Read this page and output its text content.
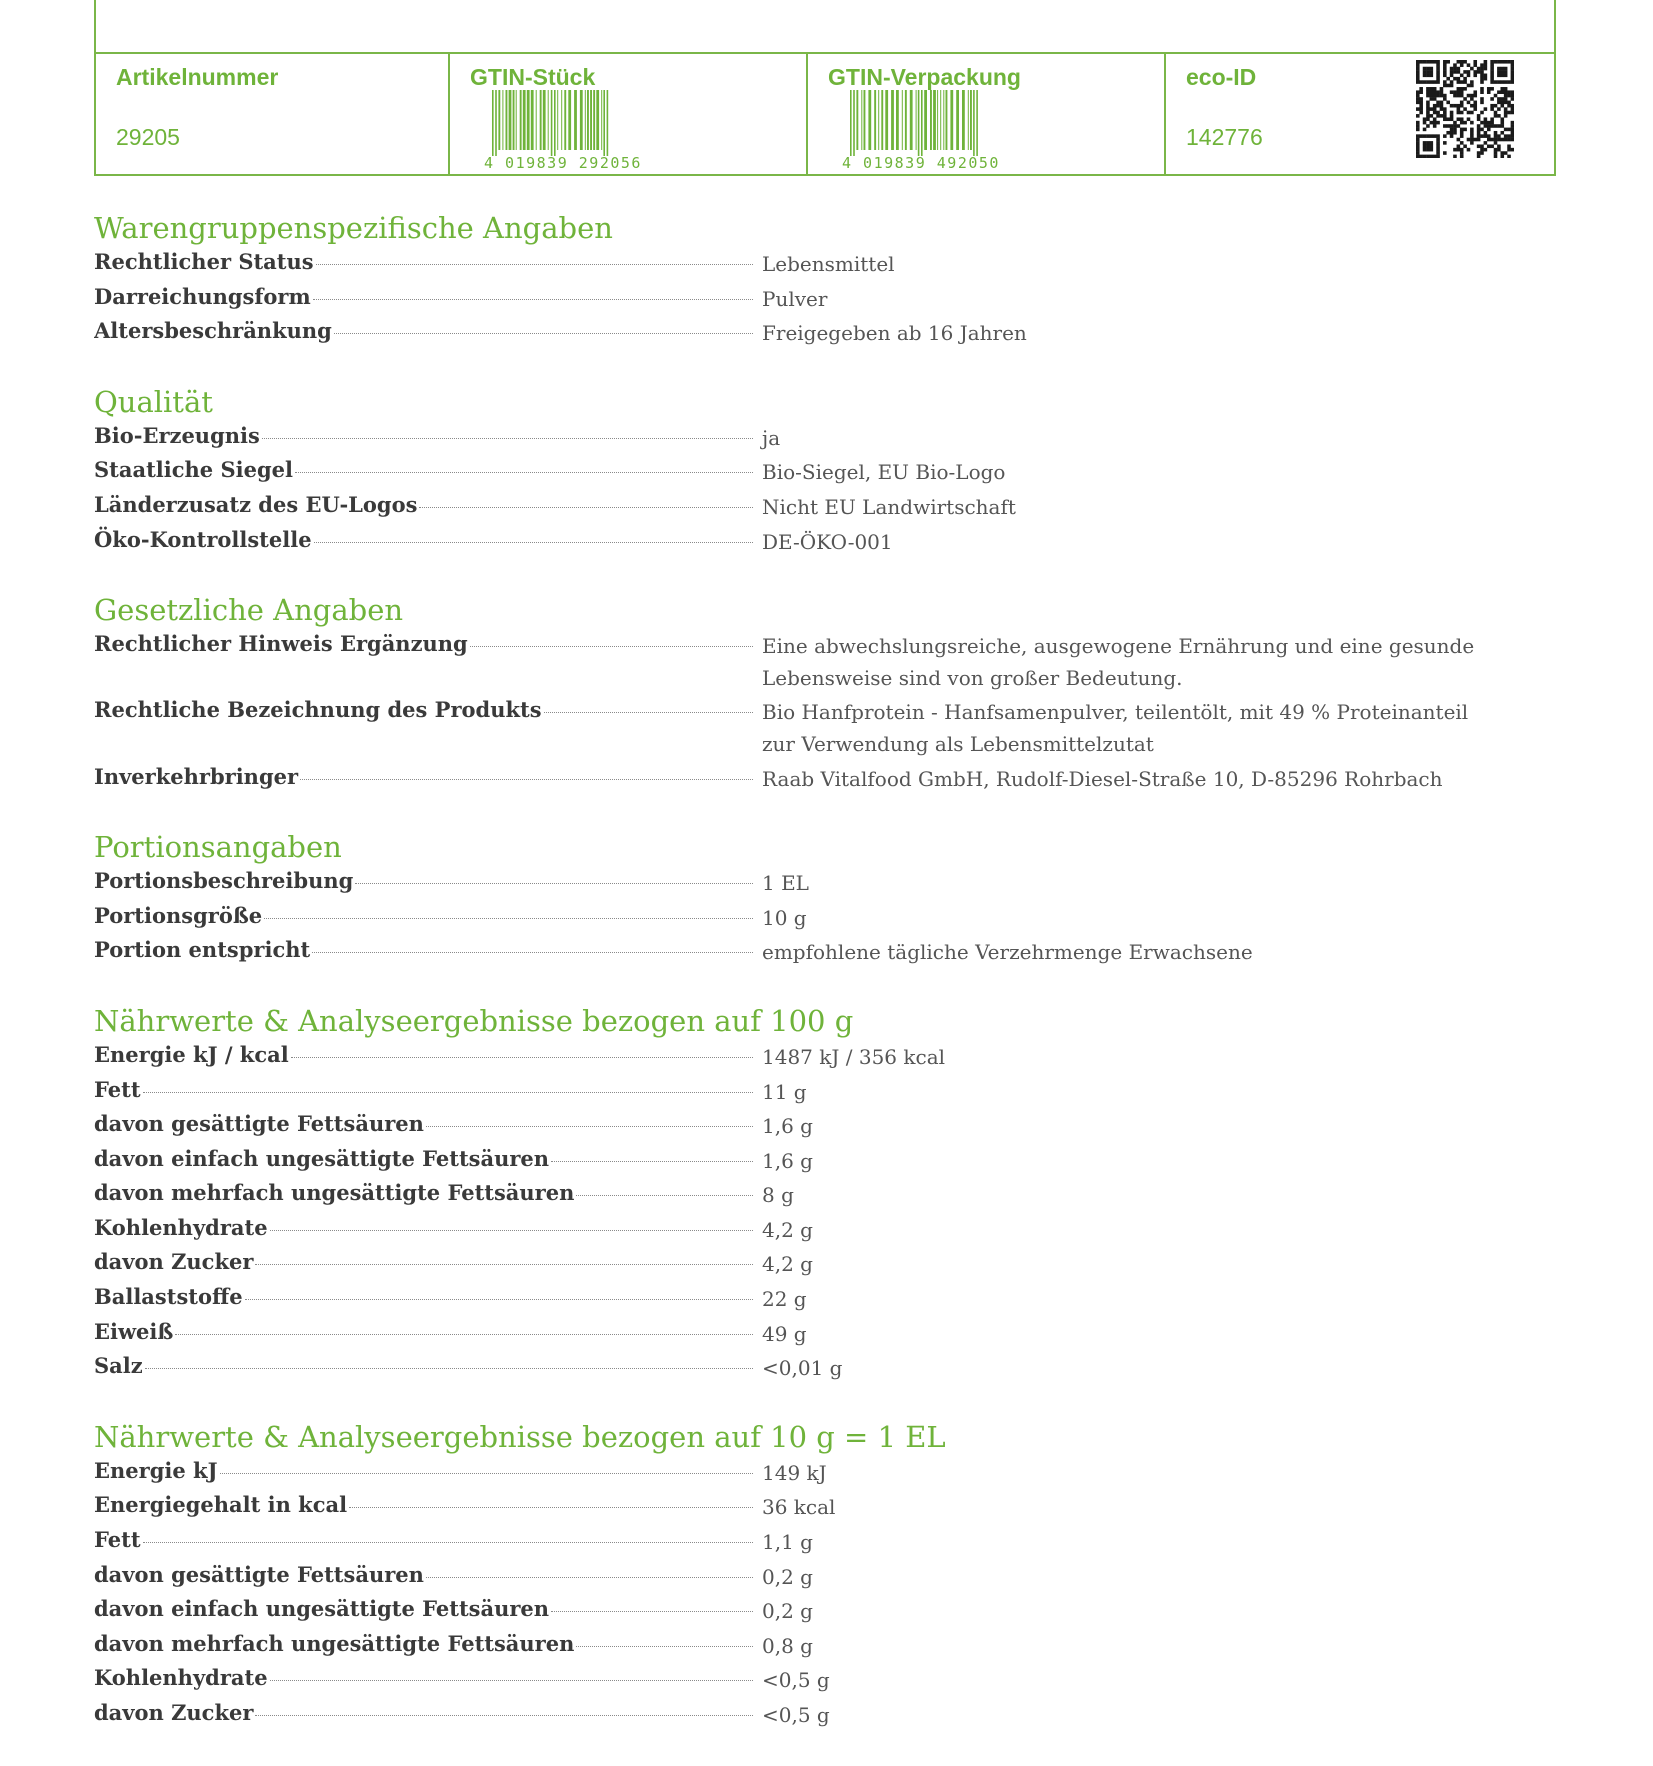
Artikelnummer
29205
GTIN-Stück
4 019839 292056
GTIN-Verpackung
4 019839 492050
eco-ID
142776
Warengruppenspezifische Angaben
Rechtlicher Status	Lebensmittel
Darreichungsform	Pulver
Altersbeschränkung	Freigegeben ab 16 Jahren
Qualität
Bio-Erzeugnis	ja
Staatliche Siegel	Bio-Siegel, EU Bio-Logo
Länderzusatz des EU-Logos	Nicht EU Landwirtschaft
Öko-Kontrollstelle	DE-ÖKO-001
Gesetzliche Angaben
Rechtlicher Hinweis Ergänzung	Eine abwechslungsreiche, ausgewogene Ernährung und eine gesunde Lebensweise sind von großer Bedeutung.
Rechtliche Bezeichnung des Produkts	Bio Hanfprotein - Hanfsamenpulver, teilentölt, mit 49 % Proteinanteil zur Verwendung als Lebensmittelzutat
Inverkehrbringer	Raab Vitalfood GmbH, Rudolf-Diesel-Straße 10, D-85296 Rohrbach
Portionsangaben
Portionsbeschreibung	1 EL
Portionsgröße	10 g
Portion entspricht	empfohlene tägliche Verzehrmenge Erwachsene
Nährwerte & Analyseergebnisse bezogen auf 100 g
Energie kJ / kcal	1487 kJ / 356 kcal
Fett	11 g
davon gesättigte Fettsäuren	1,6 g
davon einfach ungesättigte Fettsäuren	1,6 g
davon mehrfach ungesättigte Fettsäuren	8 g
Kohlenhydrate	4,2 g
davon Zucker	4,2 g
Ballaststoffe	22 g
Eiweiß	49 g
Salz	<0,01 g
Nährwerte & Analyseergebnisse bezogen auf 10 g = 1 EL
Energie kJ	149 kJ
Energiegehalt in kcal	36 kcal
Fett	1,1 g
davon gesättigte Fettsäuren	0,2 g
davon einfach ungesättigte Fettsäuren	0,2 g
davon mehrfach ungesättigte Fettsäuren	0,8 g
Kohlenhydrate	<0,5 g
davon Zucker	<0,5 g
